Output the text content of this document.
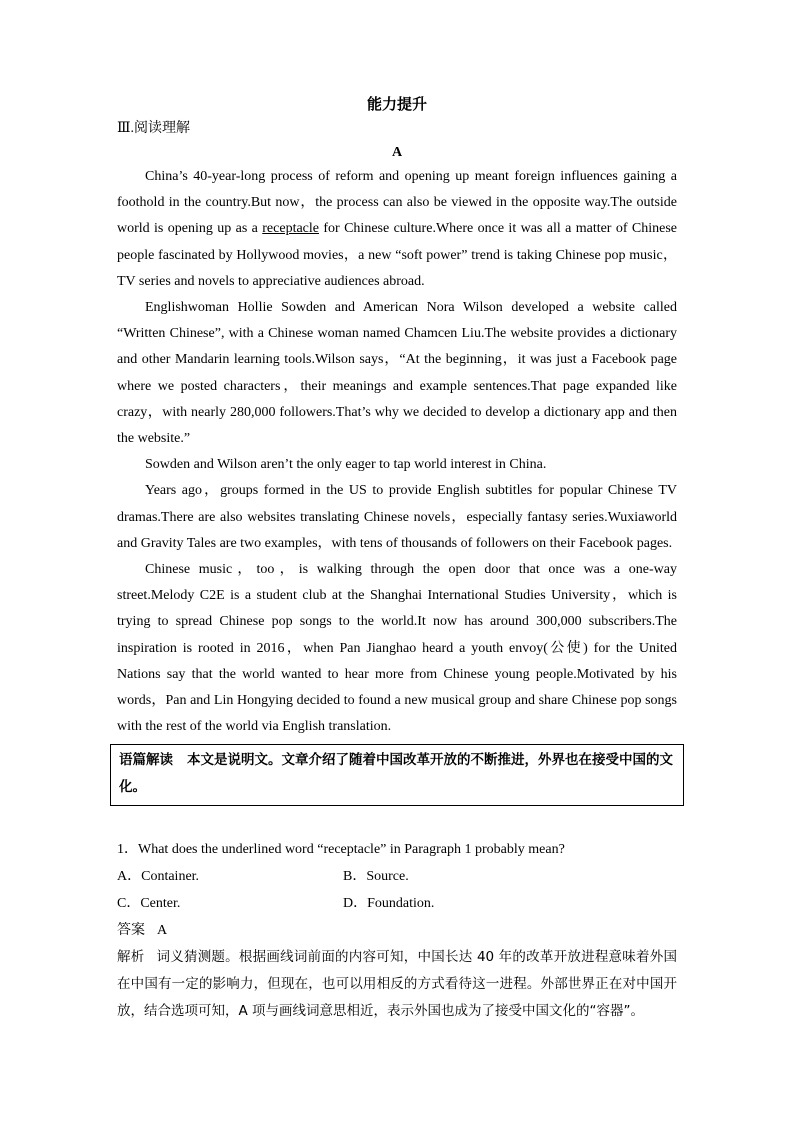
能力提升
Ⅲ.阅读理解
A

China’s 40-year-long process of reform and opening up meant foreign influences gaining a foothold in the country.But now，the process can also be viewed in the opposite way.The outside world is opening up as a receptacle for Chinese culture.Where once it was all a matter of Chinese people fascinated by Hollywood movies，a new “soft power” trend is taking Chinese pop music，TV series and novels to appreciative audiences abroad.

Englishwoman Hollie Sowden and American Nora Wilson developed a website called “Written Chinese”, with a Chinese woman named Chamcen Liu.The website provides a dictionary and other Mandarin learning tools.Wilson says，“At the beginning，it was just a Facebook page where we posted characters，their meanings and example sentences.That page expanded like crazy，with nearly 280,000 followers.That’s why we decided to develop a dictionary app and then the website.”

Sowden and Wilson aren’t the only eager to tap world interest in China.

Years ago，groups formed in the US to provide English subtitles for popular Chinese TV dramas.There are also websites translating Chinese novels，especially fantasy series.Wuxiaworld and Gravity Tales are two examples，with tens of thousands of followers on their Facebook pages.

Chinese music，too，is walking through the open door that once was a one-way street.Melody C2E is a student club at the Shanghai International Studies University，which is trying to spread Chinese pop songs to the world.It now has around 300,000 subscribers.The inspiration is rooted in 2016，when Pan Jianghao heard a youth envoy(公使) for the United Nations say that the world wanted to hear more from Chinese young people.Motivated by his words，Pan and Lin Hongying decided to found a new musical group and share Chinese pop songs with the rest of the world via English translation.

语篇解读 本文是说明文。文章介绍了随着中国改革开放的不断推进，外界也在接受中国的文化。
1．What does the underlined word “receptacle” in Paragraph 1 probably mean?
A．Container.	B．Source.
C．Center.	D．Foundation.

答案 A

解析 词义猜测题。根据画线词前面的内容可知，中国长达 40 年的改革开放进程意味着外国在中国有一定的影响力，但现在，也可以用相反的方式看待这一进程。外部世界正在对中国开放，结合选项可知，A 项与画线词意思相近，表示外国也成为了接受中国文化的“容器”。
